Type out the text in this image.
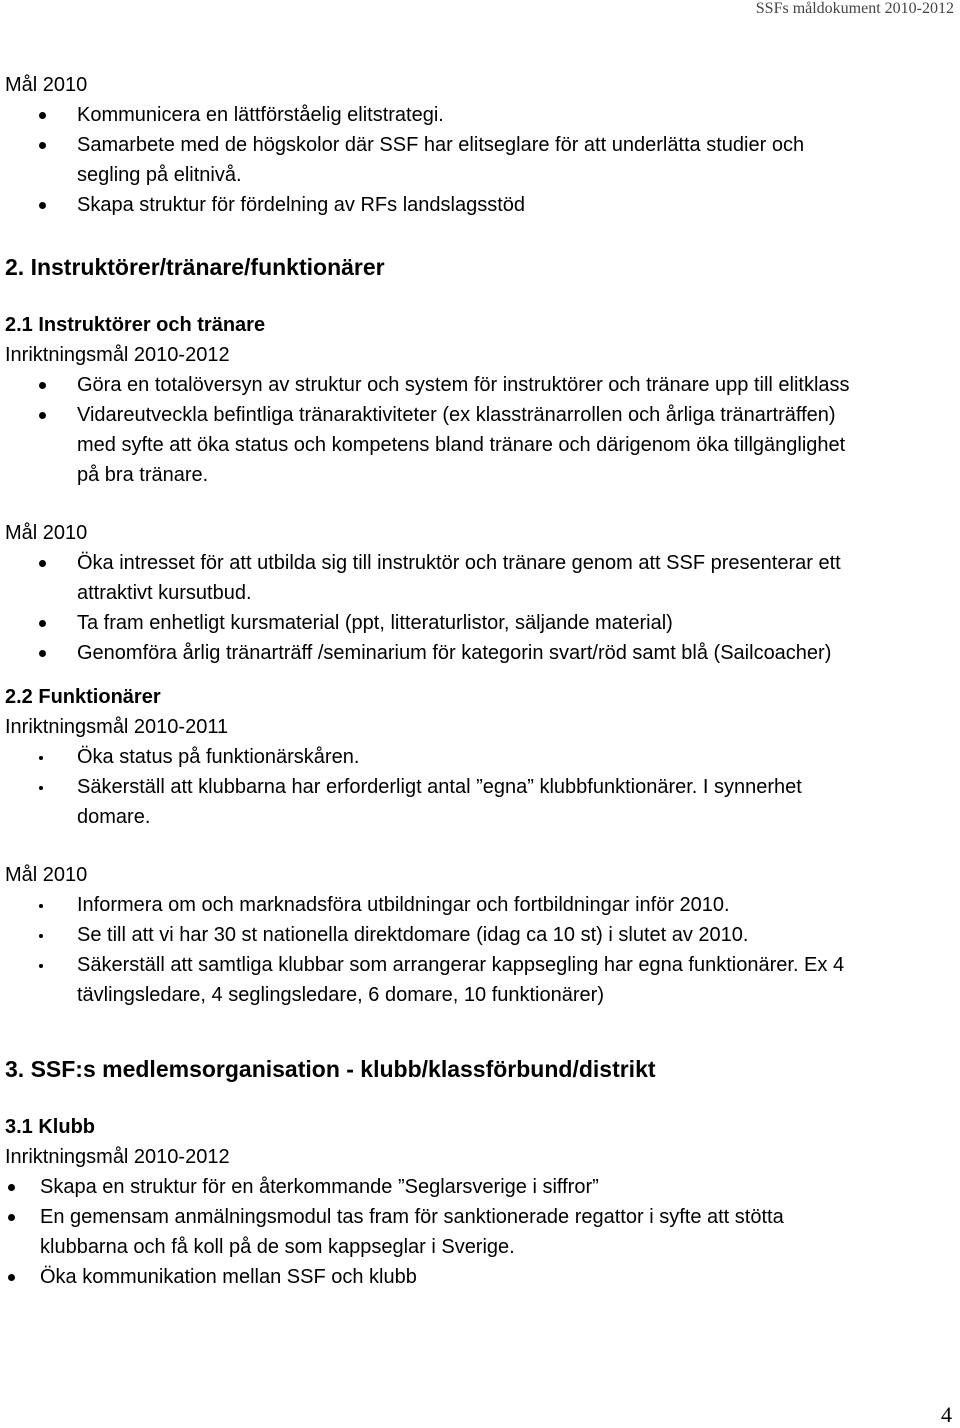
SSFs måldokument 2010-2012
Mål 2010
Kommunicera en lättförståelig elitstrategi.
Samarbete med de högskolor där SSF har elitseglare för att underlätta studier och
segling på elitnivå.
Skapa struktur för fördelning av RFs landslagsstöd
2. Instruktörer/tränare/funktionärer
2.1 Instruktörer och tränare
Inriktningsmål 2010-2012
Göra en totalöversyn av struktur och system för instruktörer och tränare upp till elitklass
Vidareutveckla befintliga tränaraktiviteter (ex klasstränarrollen och årliga tränarträffen)
med syfte att öka status och kompetens bland tränare och därigenom öka tillgänglighet
på bra tränare.
Mål 2010
Öka intresset för att utbilda sig till instruktör och tränare genom att SSF presenterar ett
attraktivt kursutbud.
Ta fram enhetligt kursmaterial (ppt, litteraturlistor, säljande material)
Genomföra årlig tränarträff /seminarium för kategorin svart/röd samt blå (Sailcoacher)
2.2 Funktionärer
Inriktningsmål 2010-2011
Öka status på funktionärskåren.
Säkerställ att klubbarna har erforderligt antal ”egna” klubbfunktionärer. I synnerhet
domare.
Mål 2010
Informera om och marknadsföra utbildningar och fortbildningar inför 2010.
Se till att vi har 30 st nationella direktdomare (idag ca 10 st) i slutet av 2010.
Säkerställ att samtliga klubbar som arrangerar kappsegling har egna funktionärer. Ex 4
tävlingsledare, 4 seglingsledare, 6 domare, 10 funktionärer)
3. SSF:s medlemsorganisation - klubb/klassförbund/distrikt
3.1 Klubb
Inriktningsmål 2010-2012
Skapa en struktur för en återkommande ”Seglarsverige i siffror”
En gemensam anmälningsmodul tas fram för sanktionerade regattor i syfte att stötta
klubbarna och få koll på de som kappseglar i Sverige.
Öka kommunikation mellan SSF och klubb
4
